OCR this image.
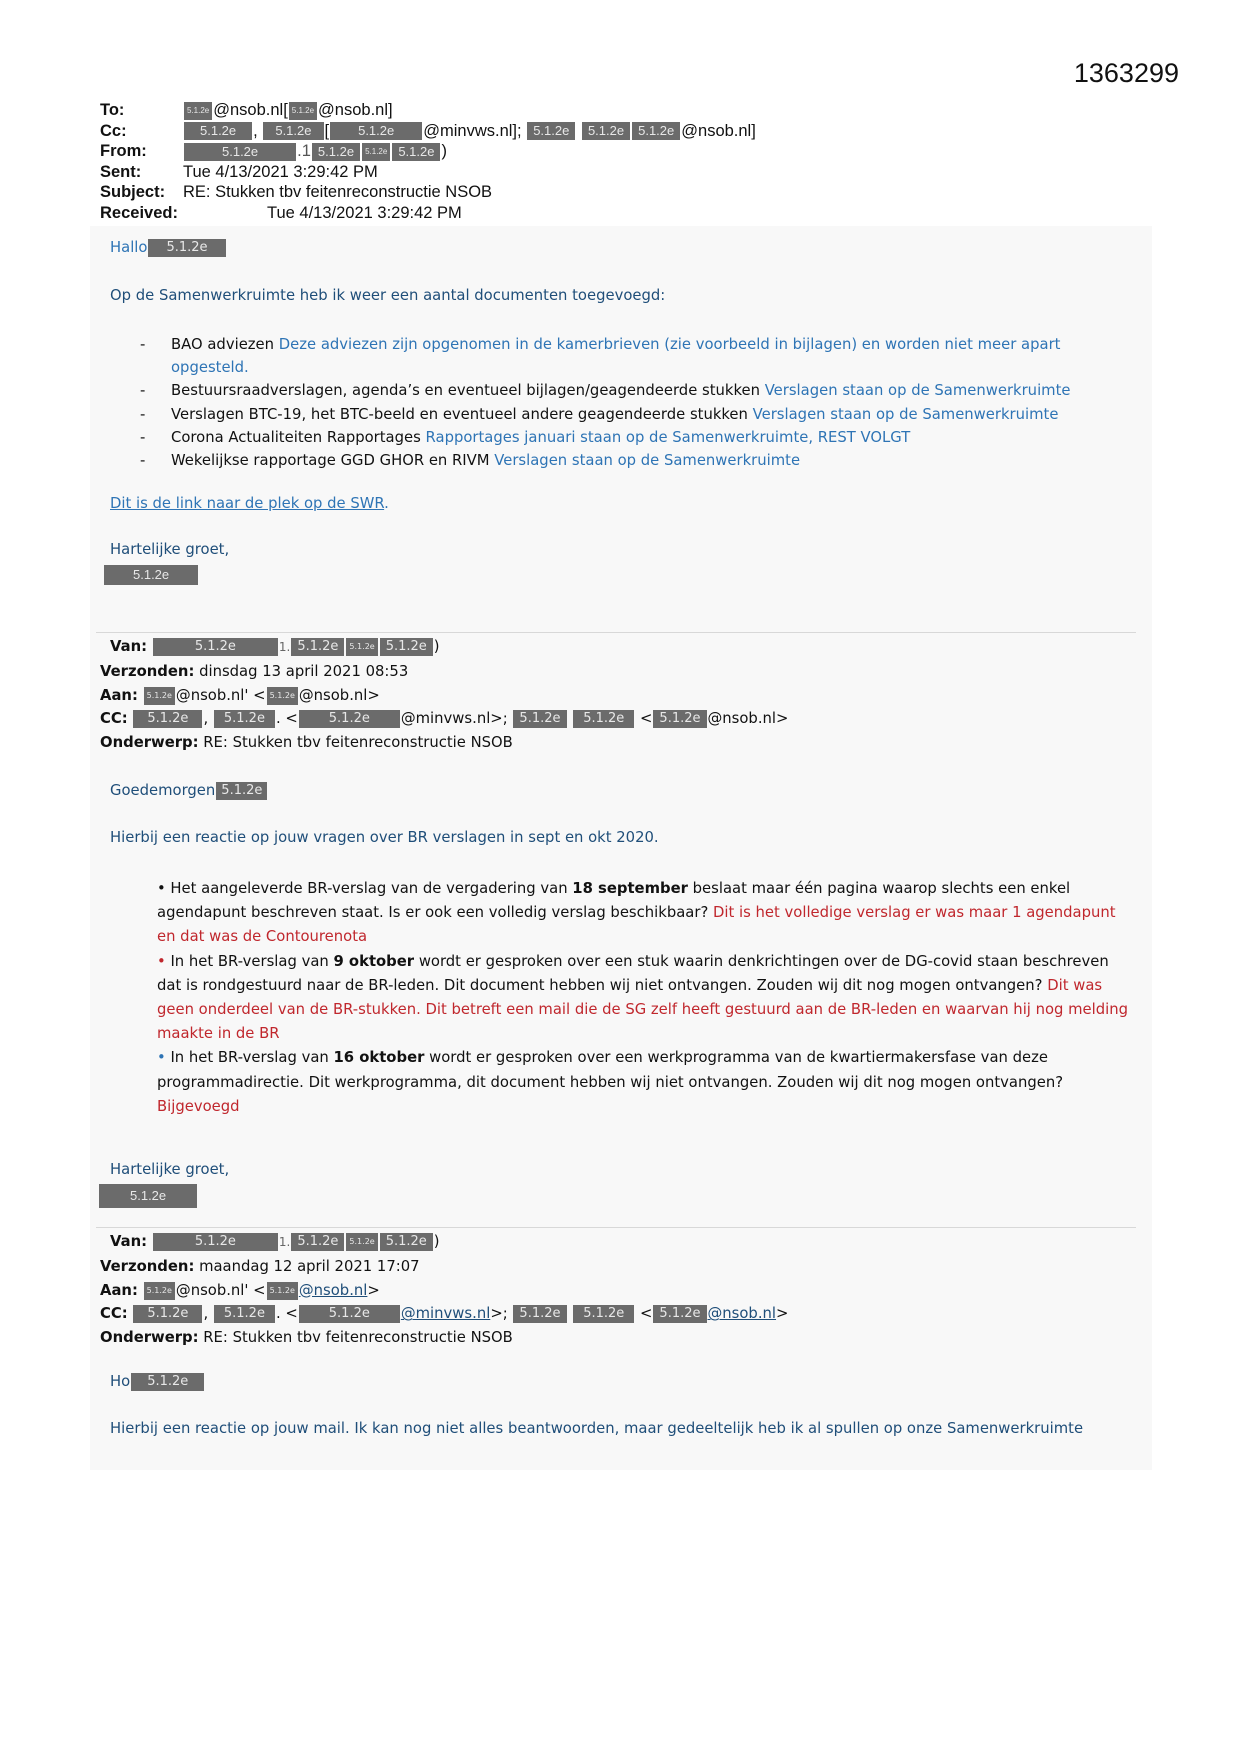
1363299
To:	5.1.2e @nsob.nl[ 5.1.2e @nsob.nl]
Cc:	5.1.2e , 5.1.2e [ 5.1.2e @minvws.nl]; 5.1.2e 5.1.2e 5.1.2e @nsob.nl]
From:	5.1.2e .1 5.1.2e 5.1.2e 5.1.2e )
Sent:	Tue 4/13/2021 3:29:42 PM
Subject:	RE: Stukken tbv feitenreconstructie NSOB
Received:	Tue 4/13/2021 3:29:42 PM
Hallo 5.1.2e
Op de Samenwerkruimte heb ik weer een aantal documenten toegevoegd:
-	BAO adviezen Deze adviezen zijn opgenomen in de kamerbrieven (zie voorbeeld in bijlagen) en worden niet meer apart opgesteld.
-	Bestuursraadverslagen, agenda’s en eventueel bijlagen/geagendeerde stukken Verslagen staan op de Samenwerkruimte
-	Verslagen BTC-19, het BTC-beeld en eventueel andere geagendeerde stukken Verslagen staan op de Samenwerkruimte
-	Corona Actualiteiten Rapportages Rapportages januari staan op de Samenwerkruimte, REST VOLGT
-	Wekelijkse rapportage GGD GHOR en RIVM Verslagen staan op de Samenwerkruimte
Dit is de link naar de plek op de SWR.
Hartelijke groet,
5.1.2e
Van:	5.1.2e	1. 5.1.2e 5.1.2e 5.1.2e )
Verzonden: dinsdag 13 april 2021 08:53
Aan: 5.1.2e @nsob.nl' < 5.1.2e @nsob.nl>
CC: 5.1.2e , 5.1.2e . < 5.1.2e @minvws.nl>; 5.1.2e 5.1.2e < 5.1.2e @nsob.nl>
Onderwerp: RE: Stukken tbv feitenreconstructie NSOB
Goedemorgen 5.1.2e
Hierbij een reactie op jouw vragen over BR verslagen in sept en okt 2020.

• Het aangeleverde BR-verslag van de vergadering van 18 september beslaat maar één pagina waarop slechts een enkel agendapunt beschreven staat. Is er ook een volledig verslag beschikbaar? Dit is het volledige verslag er was maar 1 agendapunt en dat was de Contourenota

• In het BR-verslag van 9 oktober wordt er gesproken over een stuk waarin denkrichtingen over de DG-covid staan beschreven dat is rondgestuurd naar de BR-leden. Dit document hebben wij niet ontvangen. Zouden wij dit nog mogen ontvangen? Dit was geen onderdeel van de BR-stukken. Dit betreft een mail die de SG zelf heeft gestuurd aan de BR-leden en waarvan hij nog melding maakte in de BR

• In het BR-verslag van 16 oktober wordt er gesproken over een werkprogramma van de kwartiermakersfase van deze programmadirectie. Dit werkprogramma, dit document hebben wij niet ontvangen. Zouden wij dit nog mogen ontvangen? Bijgevoegd

Hartelijke groet,
5.1.2e
Van:	5.1.2e	1. 5.1.2e 5.1.2e 5.1.2e )
Verzonden: maandag 12 april 2021 17:07
Aan: 5.1.2e @nsob.nl' < 5.1.2e @nsob.nl>
CC: 5.1.2e , 5.1.2e . < 5.1.2e @minvws.nl>; 5.1.2e 5.1.2e < 5.1.2e @nsob.nl>
Onderwerp: RE: Stukken tbv feitenreconstructie NSOB
Ho 5.1.2e
Hierbij een reactie op jouw mail. Ik kan nog niet alles beantwoorden, maar gedeeltelijk heb ik al spullen op onze Samenwerkruimte
